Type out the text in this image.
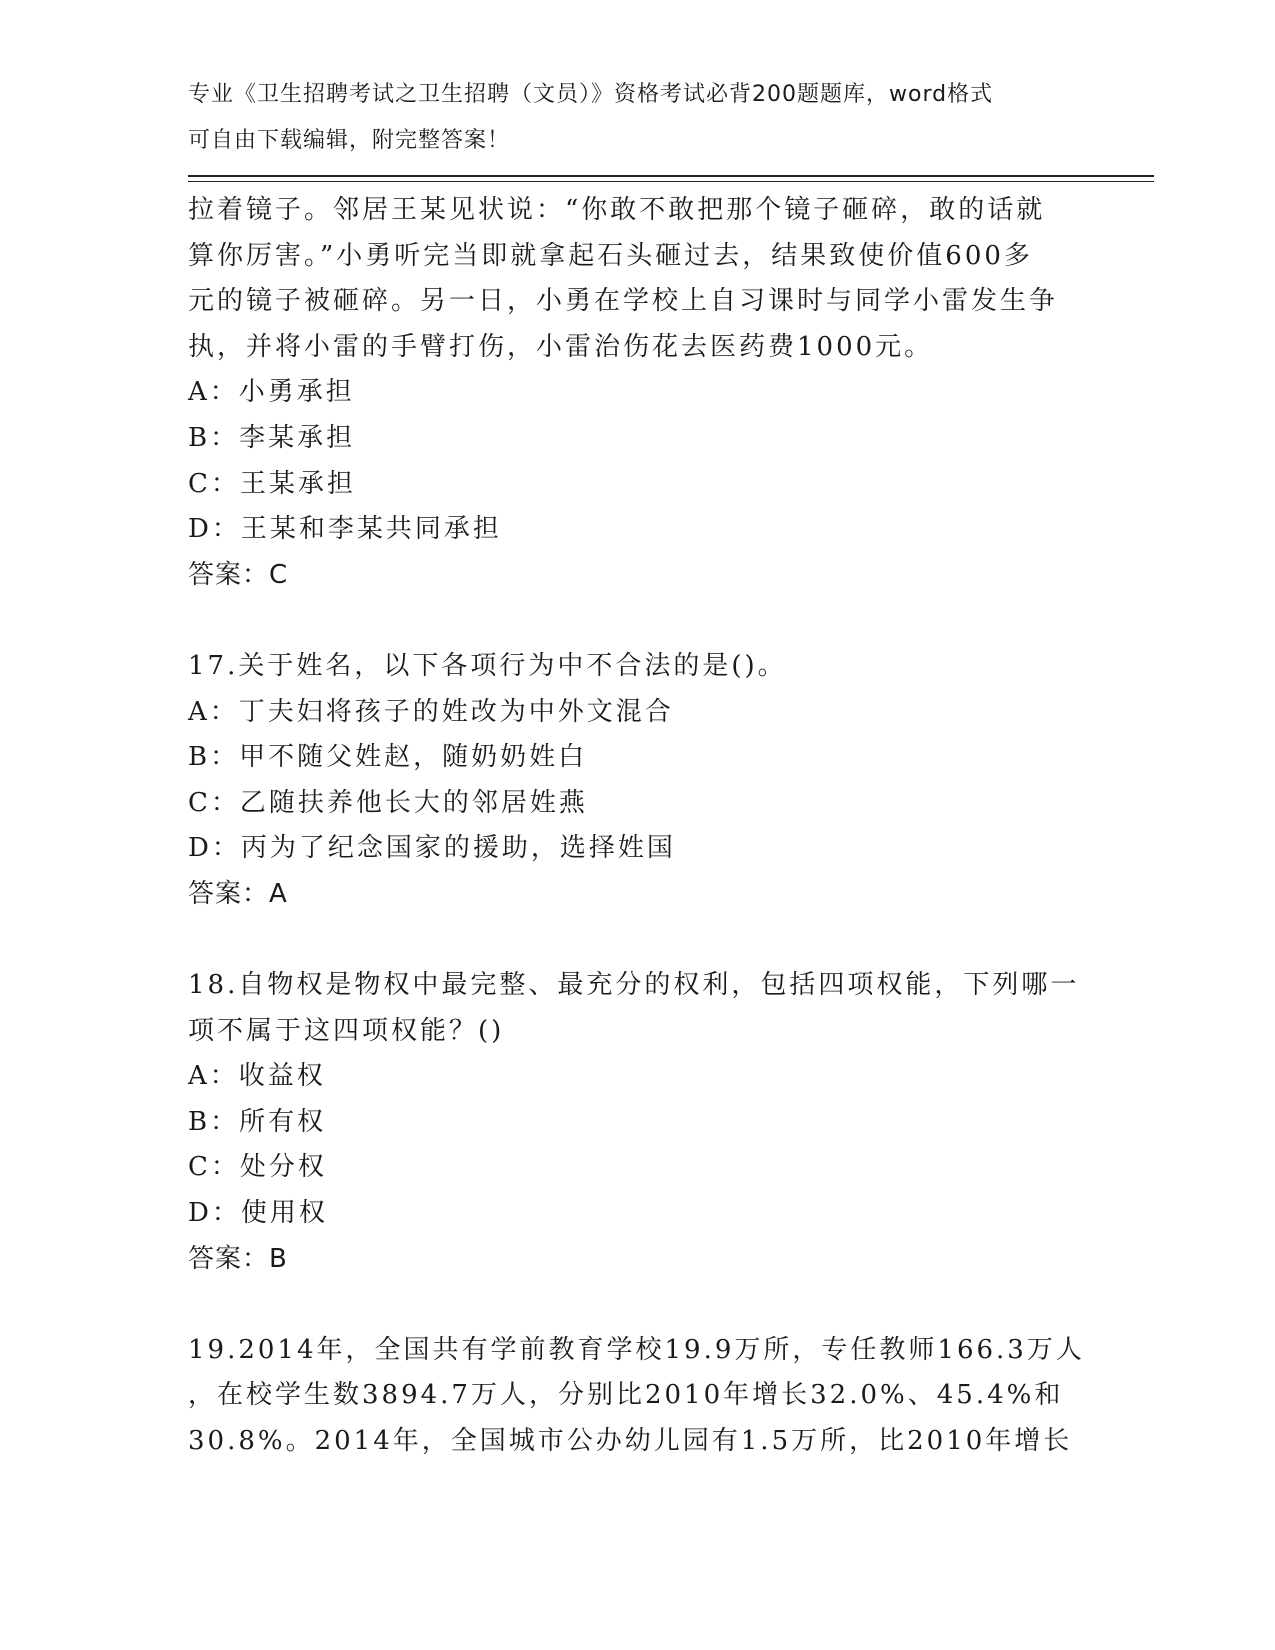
专业《卫生招聘考试之卫生招聘（文员）》资格考试必背200题题库，word格式
可自由下载编辑，附完整答案！
拉着镜子。邻居王某见状说：“你敢不敢把那个镜子砸碎，敢的话就
算你厉害。”小勇听完当即就拿起石头砸过去，结果致使价值600多
元的镜子被砸碎。另一日，小勇在学校上自习课时与同学小雷发生争
执，并将小雷的手臂打伤，小雷治伤花去医药费1000元。
A：小勇承担
B：李某承担
C：王某承担
D：王某和李某共同承担
答案：C
17.关于姓名，以下各项行为中不合法的是()。
A：丁夫妇将孩子的姓改为中外文混合
B：甲不随父姓赵，随奶奶姓白
C：乙随扶养他长大的邻居姓燕
D：丙为了纪念国家的援助，选择姓国
答案：A
18.自物权是物权中最完整、最充分的权利，包括四项权能，下列哪一
项不属于这四项权能？()
A：收益权
B：所有权
C：处分权
D：使用权
答案：B
19.2014年，全国共有学前教育学校19.9万所，专任教师166.3万人
，在校学生数3894.7万人，分别比2010年增长32.0%、45.4%和
30.8%。2014年，全国城市公办幼儿园有1.5万所，比2010年增长
